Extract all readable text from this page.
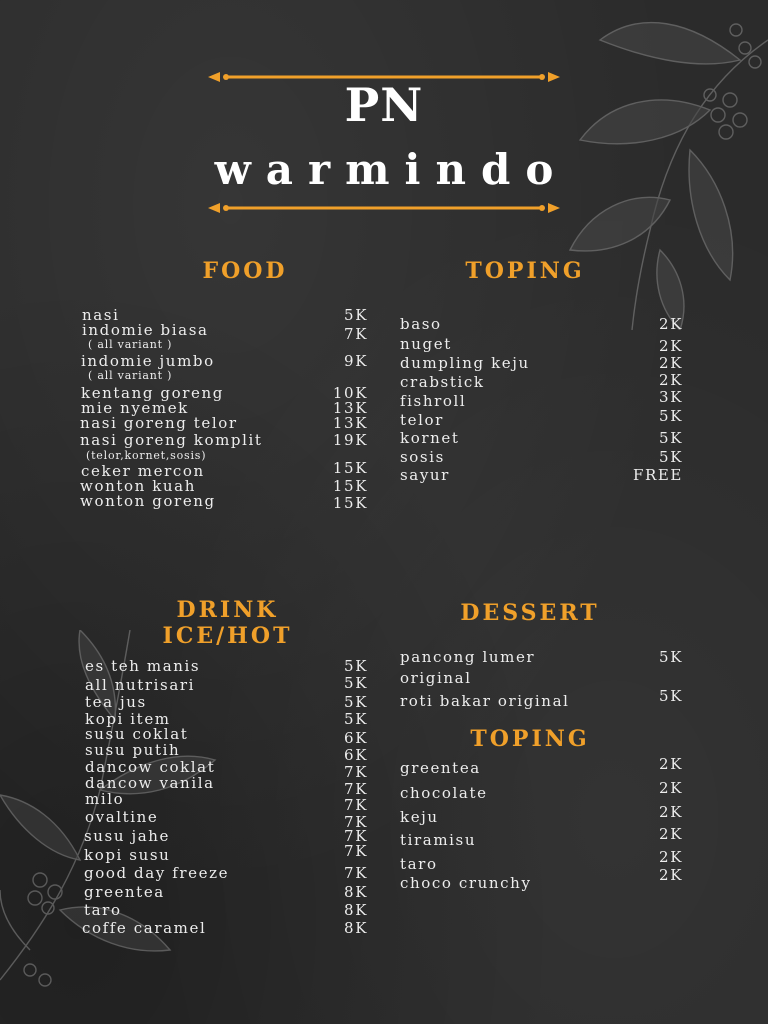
PN
warmindo
FOOD
nasi	5K
indomie biasa	7K
( all variant )
indomie jumbo	9K
( all variant )
kentang goreng	10K
mie nyemek	13K
nasi goreng telor	13K
nasi goreng komplit	19K
(telor,kornet,sosis)
ceker mercon	15K
wonton kuah	15K
wonton goreng	15K
TOPING
baso	2K
nuget	2K
dumpling keju	2K
crabstick	2K
fishroll	3K
telor	5K
kornet	5K
sosis	5K
sayur	FREE
DRINK
ICE/HOT
es teh manis	5K
all nutrisari	5K
tea jus	5K
kopi item	5K
susu coklat	6K
susu putih	6K
dancow coklat	7K
dancow vanila	7K
milo	7K
ovaltine	7K
susu jahe	7K
kopi susu	7K
good day freeze	7K
greentea	8K
taro	8K
coffe caramel	8K
DESSERT
pancong lumer	5K
original
roti bakar original	5K
TOPING
greentea	2K
chocolate	2K
keju	2K
tiramisu	2K
taro	2K
choco crunchy	2K
